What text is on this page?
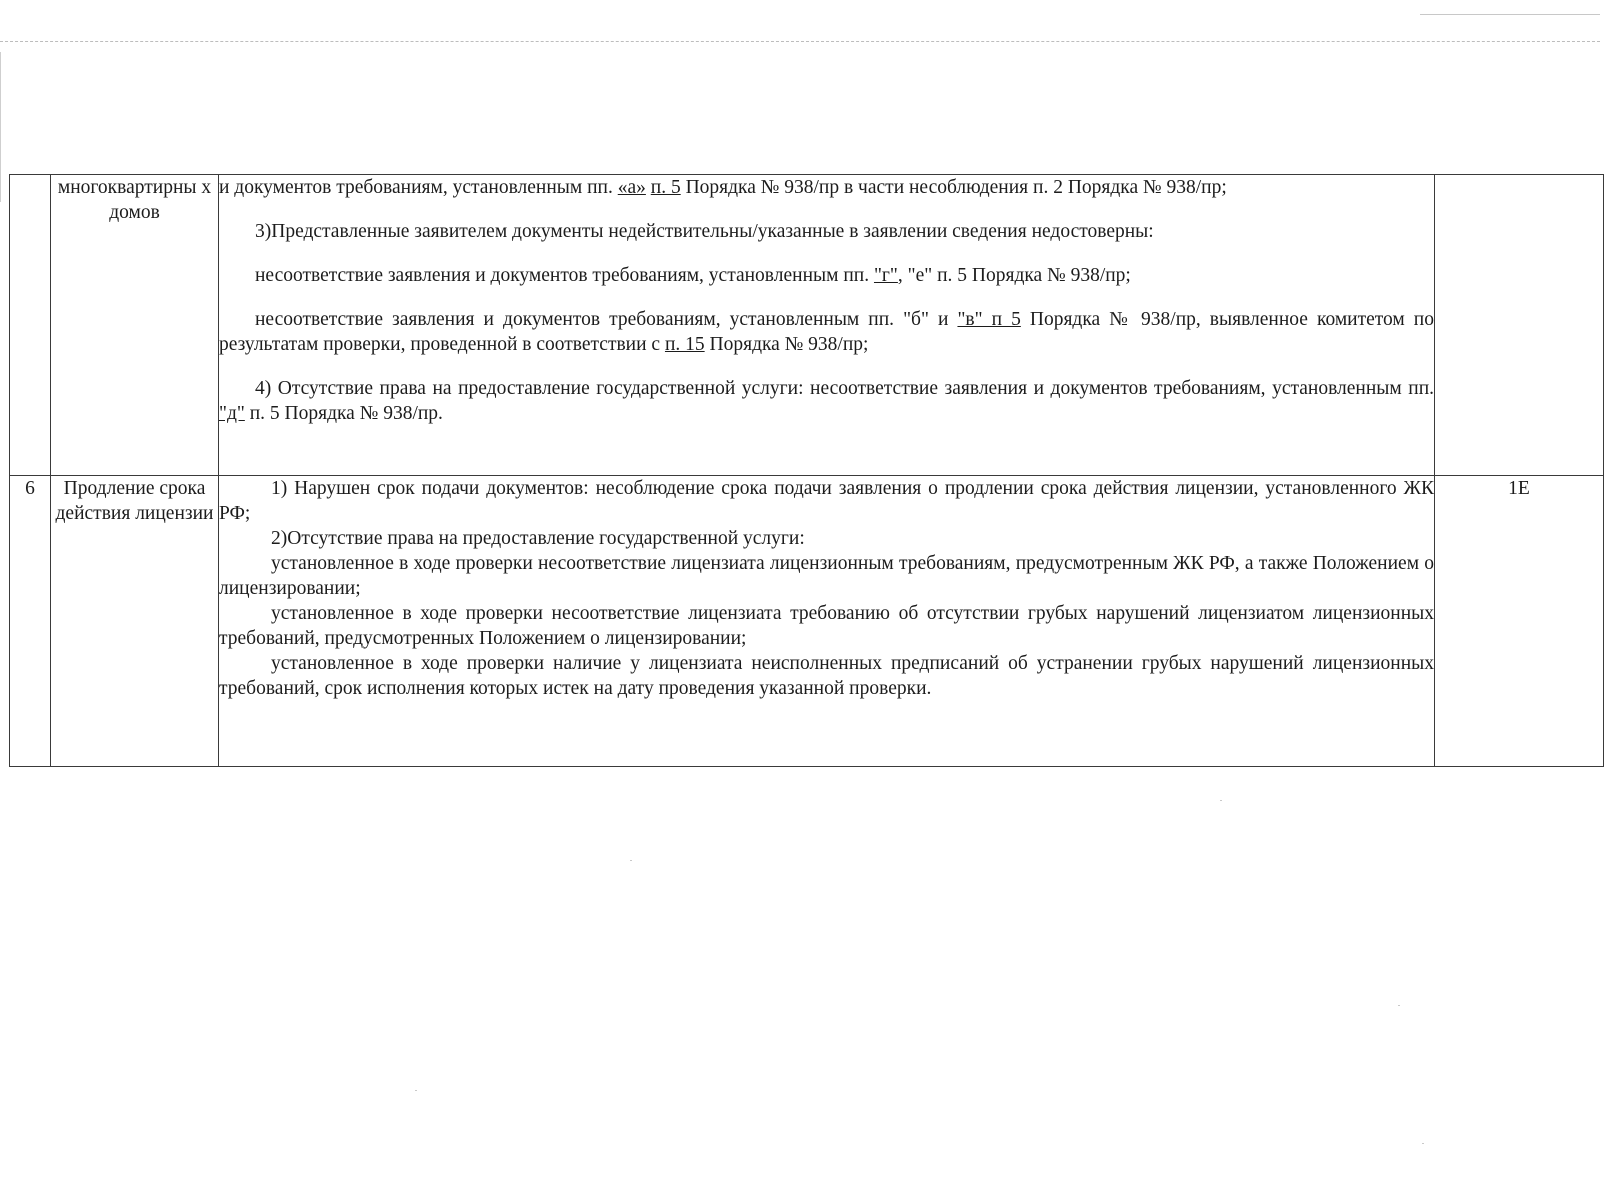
	многоквартирны х домов	и документов требованиям, установленным пп. «а» п. 5 Порядка № 938/пр в части несоблюдения п. 2 Порядка № 938/пр;

3)Представленные заявителем документы недействительны/указанные в заявлении сведения недостоверны:

несоответствие заявления и документов требованиям, установленным пп. "г", "е" п. 5 Порядка № 938/пр;

несоответствие заявления и документов требованиям, установленным пп. "б" и "в" п 5 Порядка № 938/пр, выявленное комитетом по результатам проверки, проведенной в соответствии с п. 15 Порядка № 938/пр;

4) Отсутствие права на предоставление государственной услуги: несоответствие заявления и документов требованиям, установленным пп. "д" п. 5 Порядка № 938/пр.	

6	Продление срока действия лицензии	1) Нарушен срок подачи документов: несоблюдение срока подачи заявления о продлении срока действия лицензии, установленного ЖК РФ;

2)Отсутствие права на предоставление государственной услуги:

установленное в ходе проверки несоответствие лицензиата лицензионным требованиям, предусмотренным ЖК РФ, а также Положением о лицензировании;

установленное в ходе проверки несоответствие лицензиата требованию об отсутствии грубых нарушений лицензиатом лицензионных требований, предусмотренных Положением о лицензировании;

установленное в ходе проверки наличие у лицензиата неисполненных предписаний об устранении грубых нарушений лицензионных требований, срок исполнения которых истек на дату проведения указанной проверки.	1Е
